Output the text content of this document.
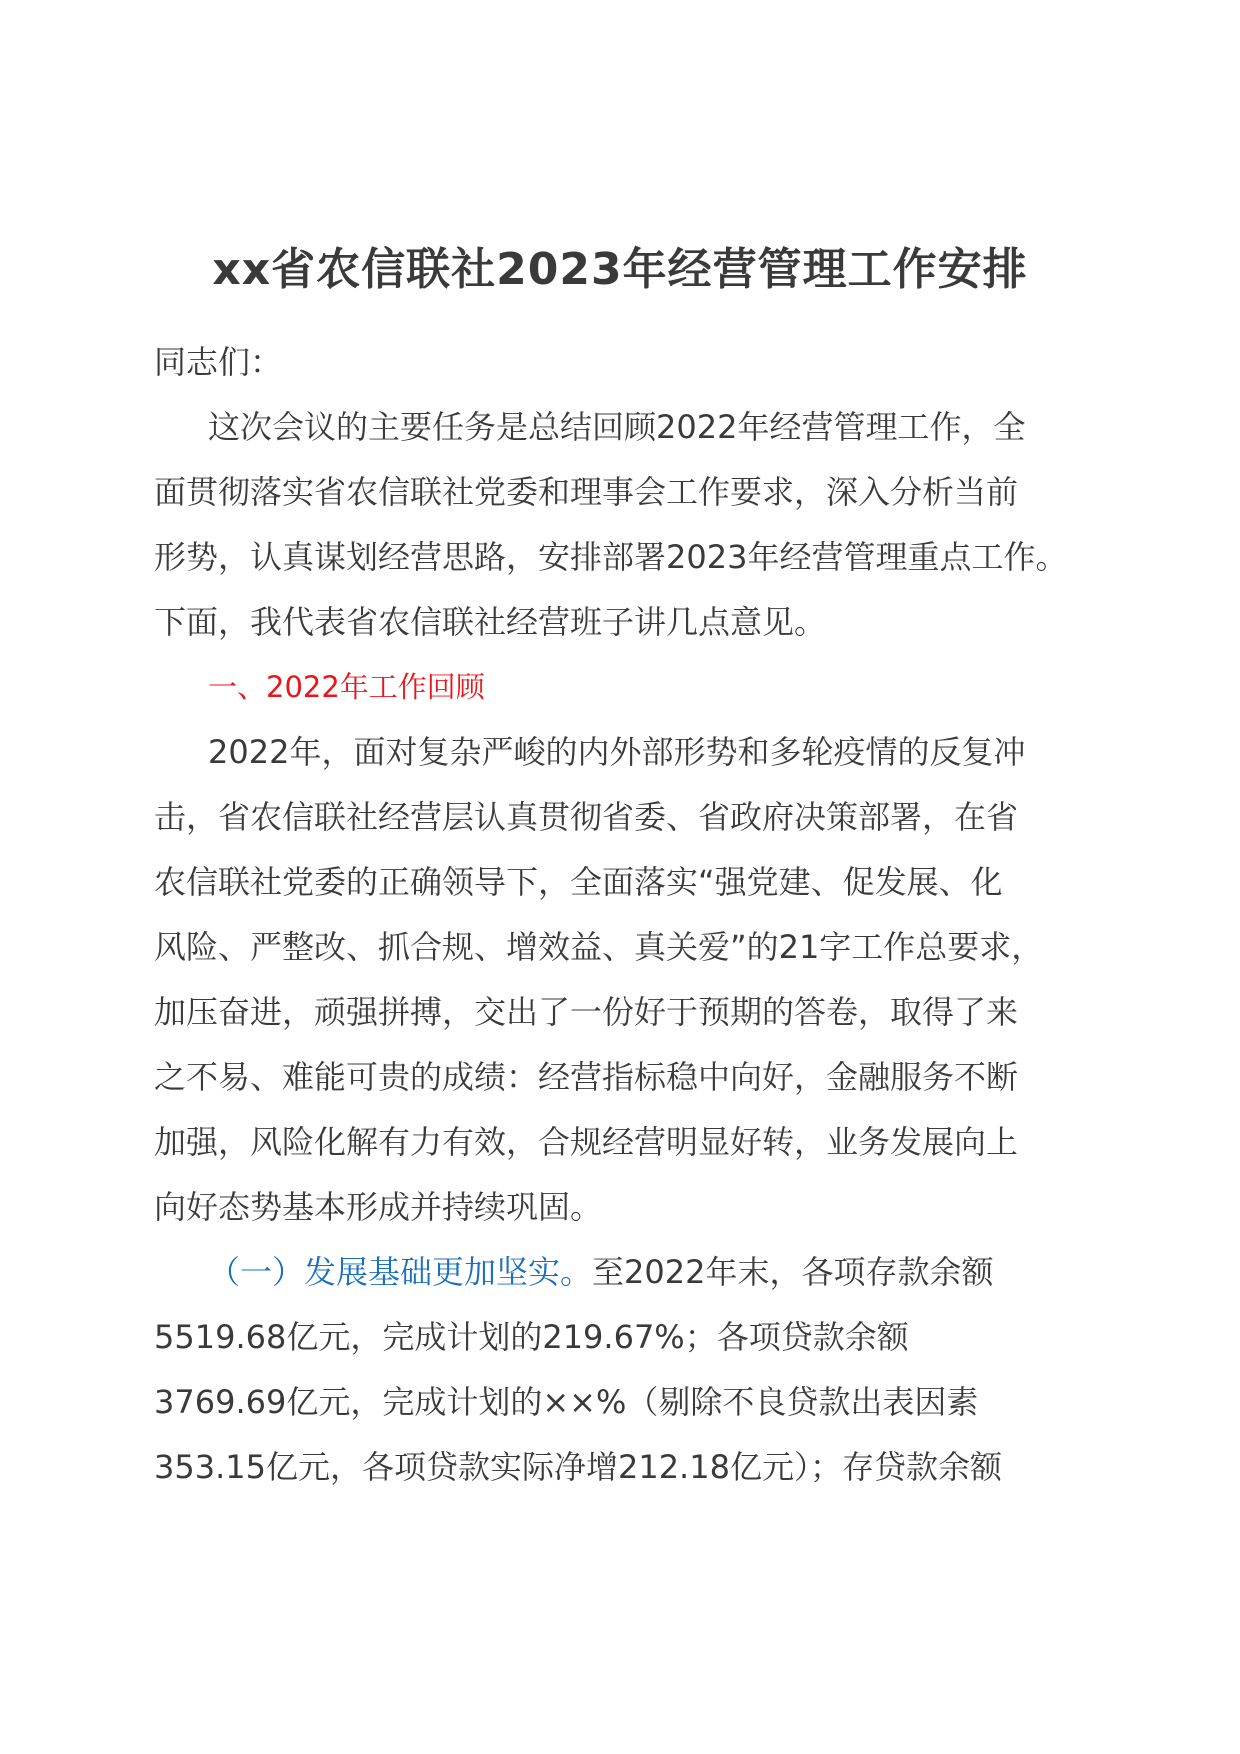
xx省农信联社2023年经营管理工作安排
同志们：
这次会议的主要任务是总结回顾2022年经营管理工作，全
面贯彻落实省农信联社党委和理事会工作要求，深入分析当前
形势，认真谋划经营思路，安排部署2023年经营管理重点工作。
下面，我代表省农信联社经营班子讲几点意见。
一、2022年工作回顾
2022年，面对复杂严峻的内外部形势和多轮疫情的反复冲
击，省农信联社经营层认真贯彻省委、省政府决策部署，在省
农信联社党委的正确领导下，全面落实“强党建、促发展、化
风险、严整改、抓合规、增效益、真关爱”的21字工作总要求，
加压奋进，顽强拼搏，交出了一份好于预期的答卷，取得了来
之不易、难能可贵的成绩：经营指标稳中向好，金融服务不断
加强，风险化解有力有效，合规经营明显好转，业务发展向上
向好态势基本形成并持续巩固。
（一）发展基础更加坚实。至2022年末，各项存款余额
5519.68亿元，完成计划的219.67%；各项贷款余额
3769.69亿元，完成计划的××%（剔除不良贷款出表因素
353.15亿元，各项贷款实际净增212.18亿元）；存贷款余额
